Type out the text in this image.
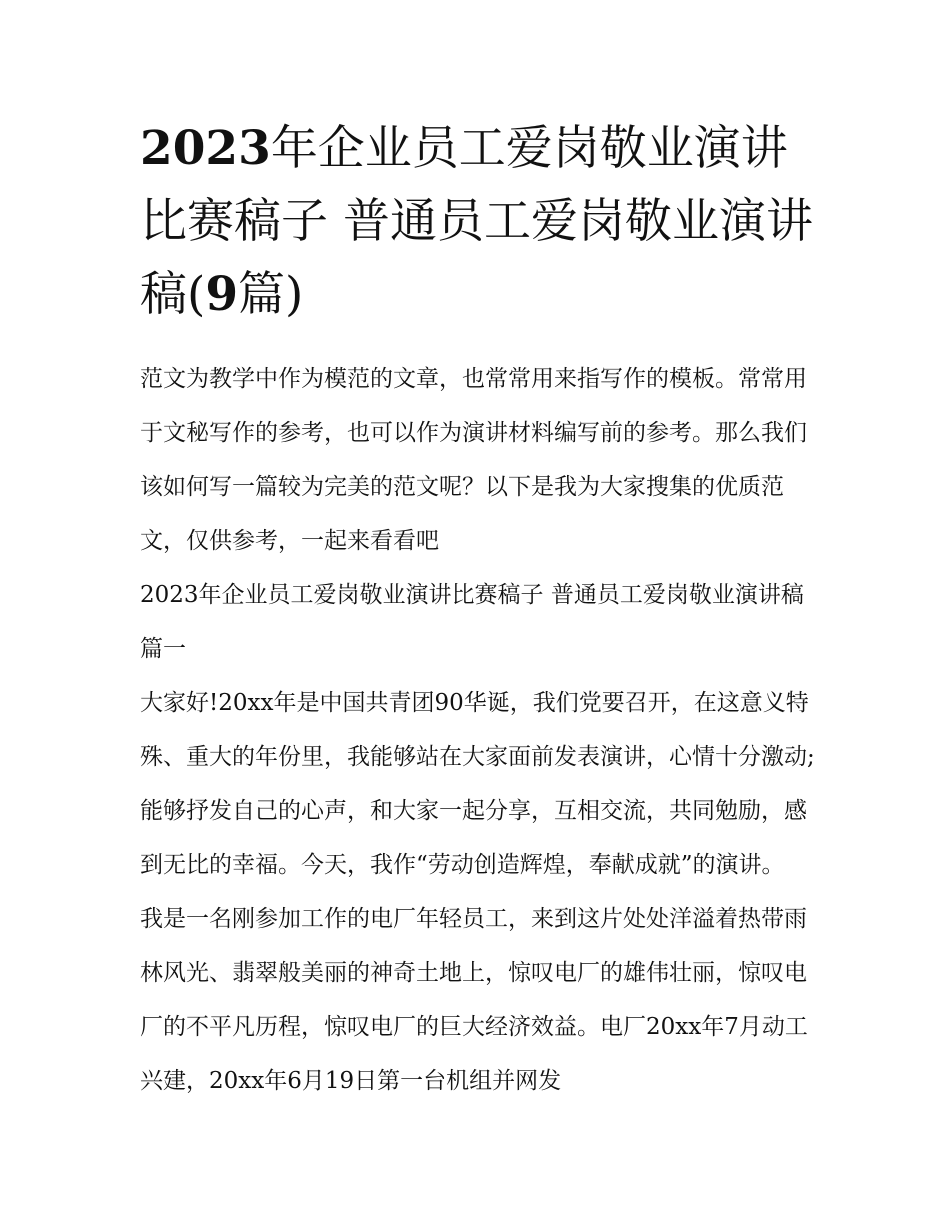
2023年企业员工爱岗敬业演讲比赛稿子 普通员工爱岗敬业演讲稿(9篇)

范文为教学中作为模范的文章，也常常用来指写作的模板。常常用于文秘写作的参考，也可以作为演讲材料编写前的参考。那么我们该如何写一篇较为完美的范文呢？以下是我为大家搜集的优质范文，仅供参考，一起来看看吧

2023年企业员工爱岗敬业演讲比赛稿子 普通员工爱岗敬业演讲稿篇一

大家好!20xx年是中国共青团90华诞，我们党要召开，在这意义特殊、重大的年份里，我能够站在大家面前发表演讲，心情十分激动;能够抒发自己的心声，和大家一起分享，互相交流，共同勉励，感到无比的幸福。今天，我作“劳动创造辉煌，奉献成就”的演讲。

我是一名刚参加工作的电厂年轻员工，来到这片处处洋溢着热带雨林风光、翡翠般美丽的神奇土地上，惊叹电厂的雄伟壮丽，惊叹电厂的不平凡历程，惊叹电厂的巨大经济效益。电厂20xx年7月动工兴建，20xx年6月19日第一台机组并网发
